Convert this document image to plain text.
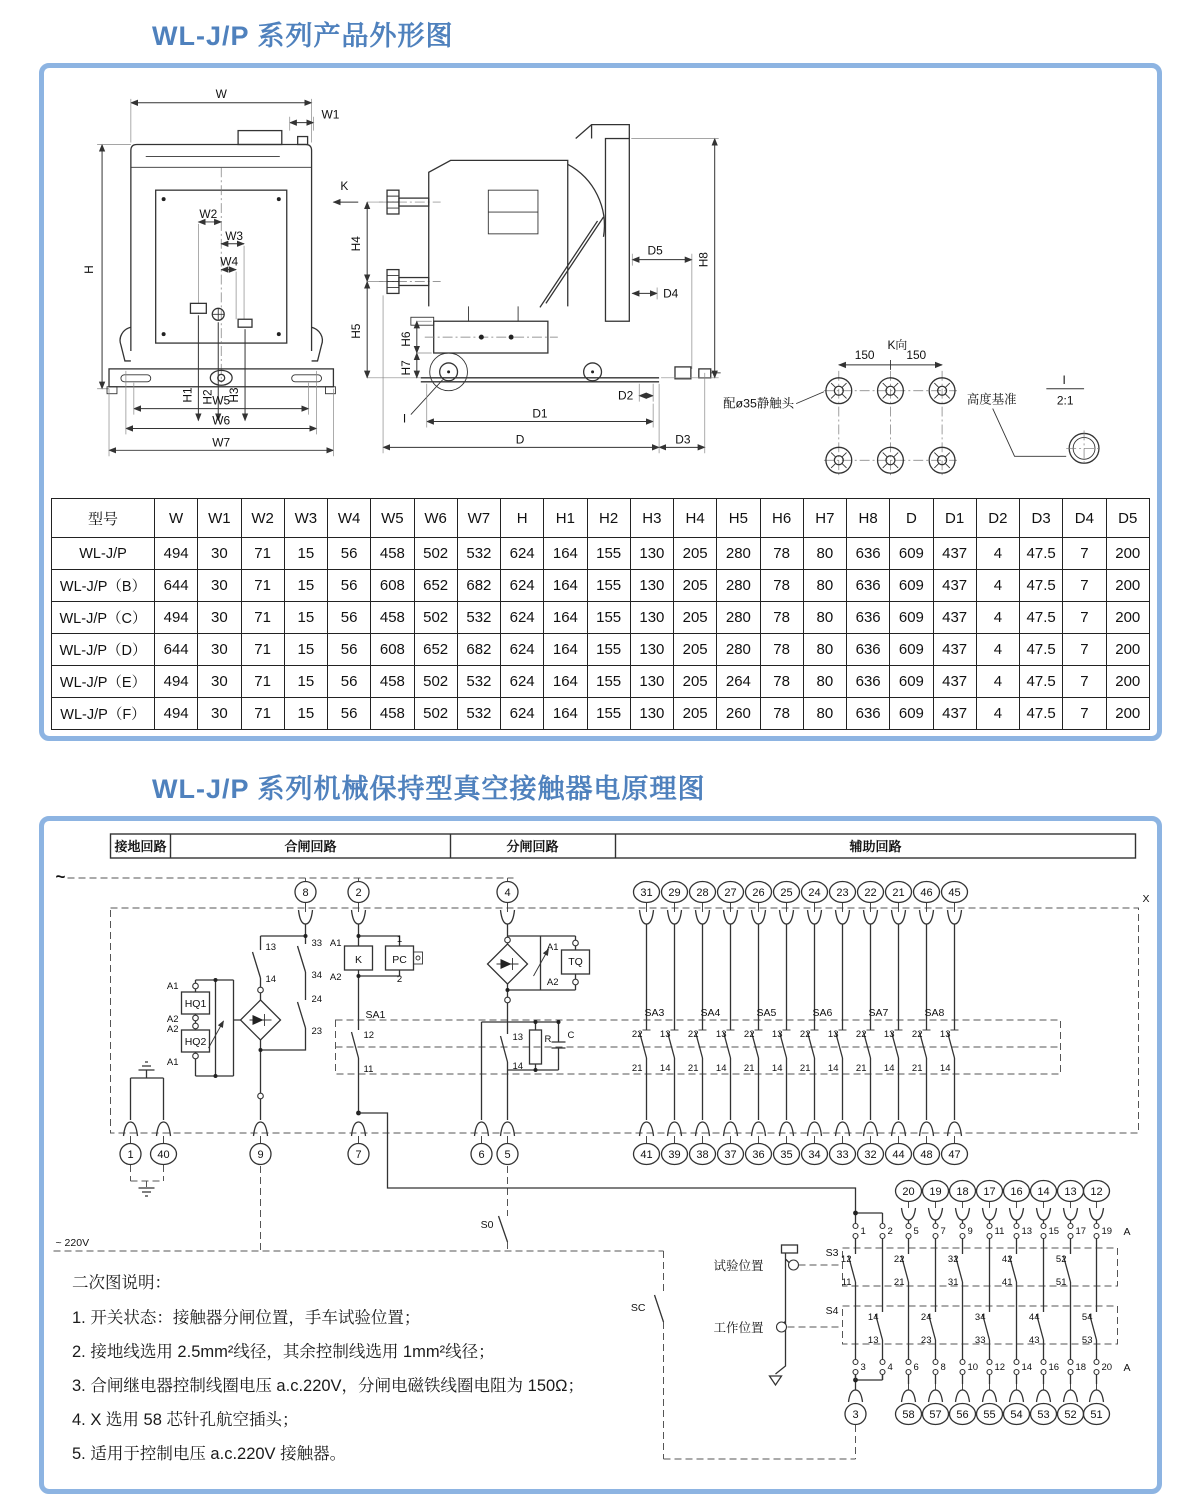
WL-J/P 系列产品外形图
W
W1
H
W2
W3
W4
H1 H2 H3
W5
W6
W7
K
H4
H5
H6
H7
I
D5
D4
H8
D2
D1
D	D3
K向
150	150
配ø35静触头	高度基准
I
2:1
型号	W	W1	W2	W3	W4	W5	W6	W7	H	H1	H2	H3	H4	H5	H6	H7	H8	D	D1	D2	D3	D4	D5
WL-J/P	494	30	71	15	56	458	502	532	624	164	155	130	205	280	78	80	636	609	437	4	47.5	7	200
WL-J/P（B）	644	30	71	15	56	608	652	682	624	164	155	130	205	280	78	80	636	609	437	4	47.5	7	200
WL-J/P（C）	494	30	71	15	56	458	502	532	624	164	155	130	205	280	78	80	636	609	437	4	47.5	7	200
WL-J/P（D）	644	30	71	15	56	608	652	682	624	164	155	130	205	280	78	80	636	609	437	4	47.5	7	200
WL-J/P（E）	494	30	71	15	56	458	502	532	624	164	155	130	205	264	78	80	636	609	437	4	47.5	7	200
WL-J/P（F）	494	30	71	15	56	458	502	532	624	164	155	130	205	260	78	80	636	609	437	4	47.5	7	200
WL-J/P 系列机械保持型真空接触器电原理图
接地回路	合闸回路	分闸回路	辅助回路
~
X
33
34
24
23
13
14
HQ1
HQ2
A1
A2
A2
A1
K	PC
A1
A2
1
2
SA1
12
11
TQ
A1
A2
R C
13
14
~ 220V
S0
SC
S3
S4
A
A
试验位置
工作位置
8	2	4	31
41
29
39
28
38
27
37
26
36
25
35
24
34
23
33
22
32
21
44
46
48
45
47
SA3
22
21
13
14
SA4
22
21
13
14
SA5
22
21
13
14
SA6
22
21
13
14
SA7
22
21
13
14
SA8
22
21
13
14
1 40	9	7	6 5
1
12
11
3
2
14
13
4
20
5
22
21
6
58
19
7
24
23
8
57
18
9
32
31
10
56
17
11
34
33
12
55
16
13
42
41
14
54
14
15
44
43
16
53
13
17
52
51
18
52
12
19
54
53
20
51
3
二次图说明：
1. 开关状态：接触器分闸位置，手车试验位置；
2. 接地线选用 2.5mm²线径，其余控制线选用 1mm²线径；
3. 合闸继电器控制线圈电压 a.c.220V，分闸电磁铁线圈电阻为 150Ω；
4. X 选用 58 芯针孔航空插头；
5. 适用于控制电压 a.c.220V 接触器。
